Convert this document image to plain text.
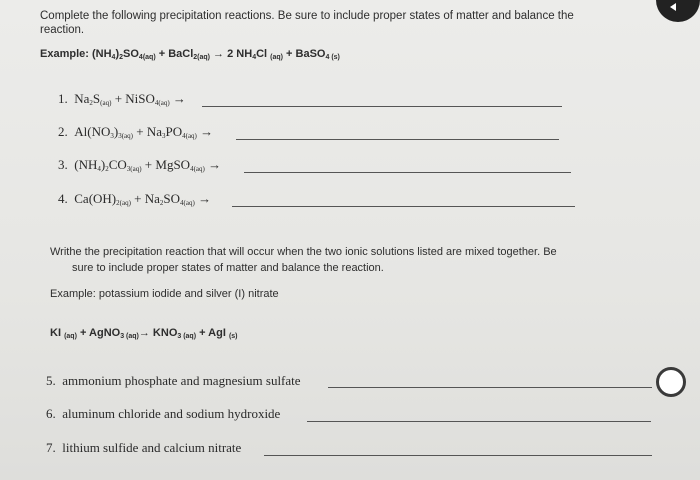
Complete the following precipitation reactions. Be sure to include proper states of matter and balance the
reaction.
Example: $(NH_4)_2SO_{4(aq)}$ + BaCl$_{2(aq)}$ → 2 $NH_4Cl$ $_{(aq)}$ + BaSO$_{4 (s)}$
1. $Na_2S_{(aq)}$ + NiSO$_{4(aq)}$ →
2. $Al(NO_3)_{3(aq)} + Na_3PO_{4(aq)}$ →
3. $(NH_4)_2CO_{3(aq)}$ + MgSO$_{4(aq)}$ →
4. $Ca(OH)_{2(aq)} + Na_2SO_{4(aq)}$ →
Writhe the precipitation reaction that will occur when the two ionic solutions listed are mixed together. Be
sure to include proper states of matter and balance the reaction.
Example: potassium iodide and silver (I) nitrate
KI $_{(aq)}$ + AgNO$_{3 (aq)}$→ $KNO_{3 (aq)}$ + AgI $_{(s)}$
5. ammonium phosphate and magnesium sulfate
6. aluminum chloride and sodium hydroxide
7. lithium sulfide and calcium nitrate
